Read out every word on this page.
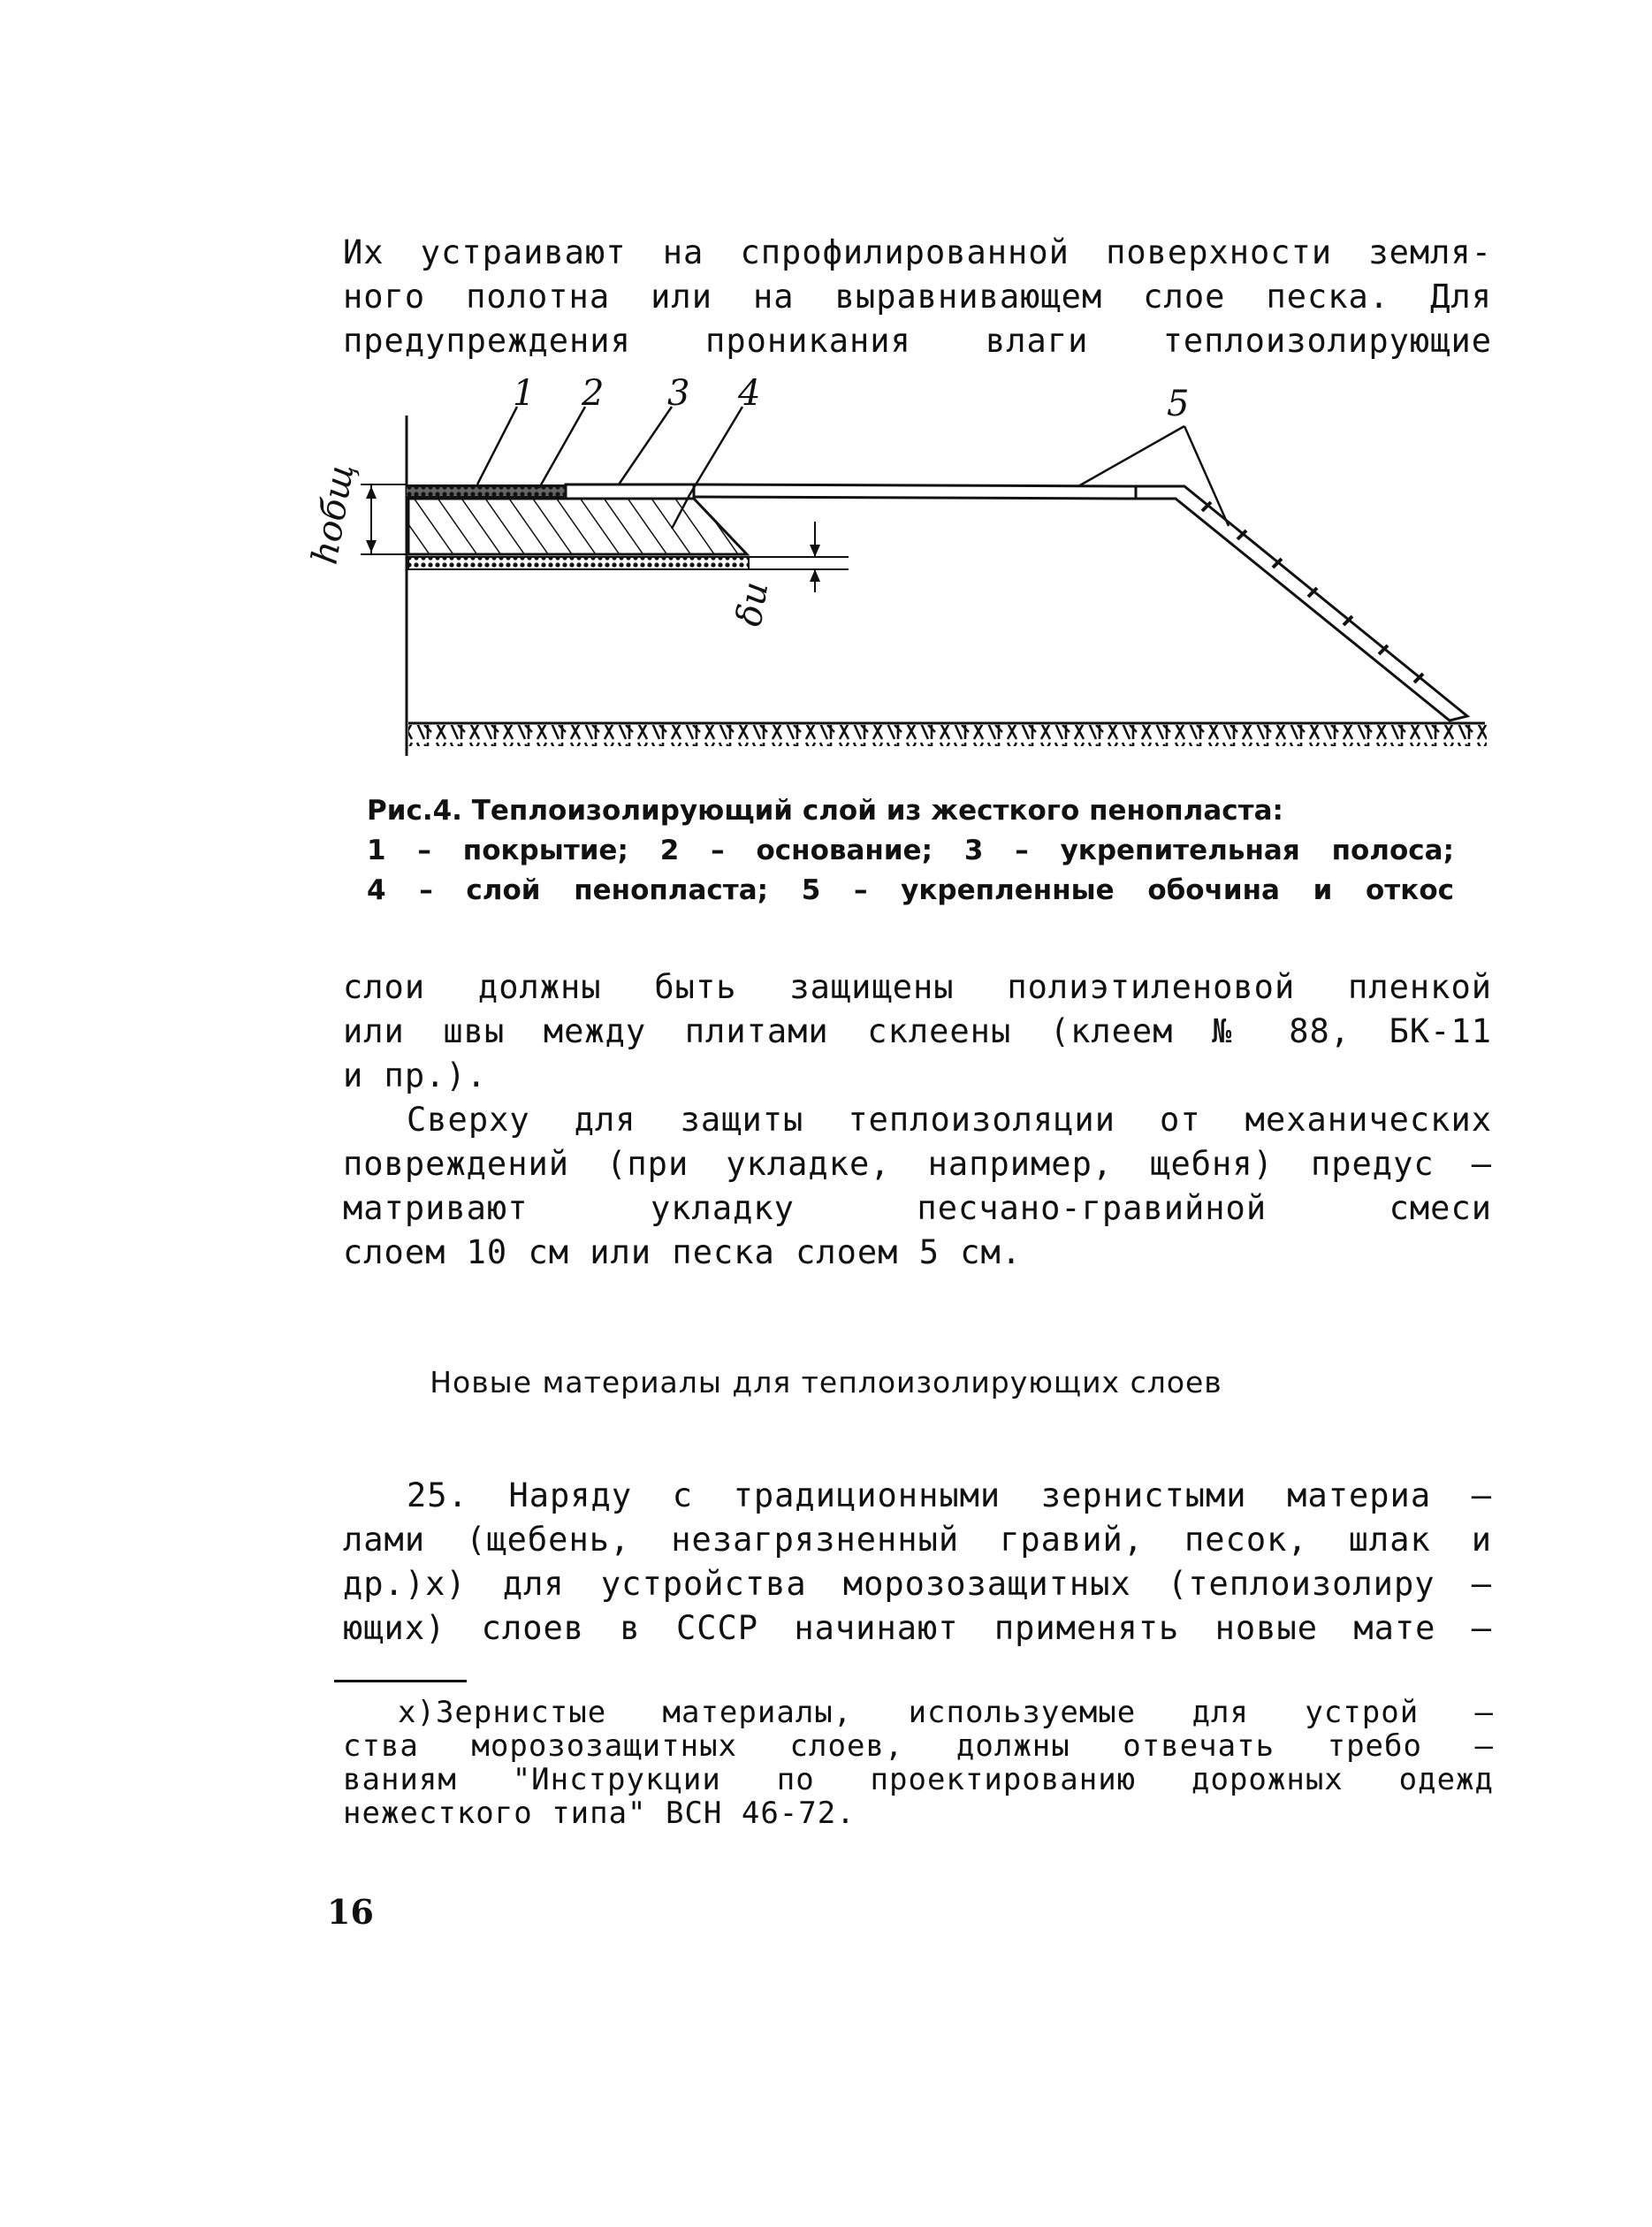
Их устраивают на спрофилированной поверхности земля-
ного полотна или на выравнивающем слое песка. Для
предупреждения проникания влаги теплоизолирующие
hобщ
δи
1 2 3 4	5
Рис.4. Теплоизолирующий слой из жесткого пенопласта:
1 – покрытие; 2 – основание; 3 – укрепительная полоса;
4 – слой пенопласта; 5 – укрепленные обочина и откос
слои должны быть защищены полиэтиленовой пленкой
или швы между плитами склеены (клеем № 88, БК-11
и пр.).
Сверху для защиты теплоизоляции от механических
повреждений (при укладке, например, щебня) предус –
матривают укладку песчано-гравийной смеси
слоем 10 см или песка слоем 5 см.
Новые материалы для теплоизолирующих слоев
25. Наряду с традиционными зернистыми материа –
лами (щебень, незагрязненный гравий, песок, шлак и
др.)x) для устройства морозозащитных (теплоизолиру –
ющих) слоев в СССР начинают применять новые мате –
x)Зернистые материалы, используемые для устрой –
ства морозозащитных слоев, должны отвечать требо –
ваниям "Инструкции по проектированию дорожных одежд
нежесткого типа" ВСН 46-72.
16
